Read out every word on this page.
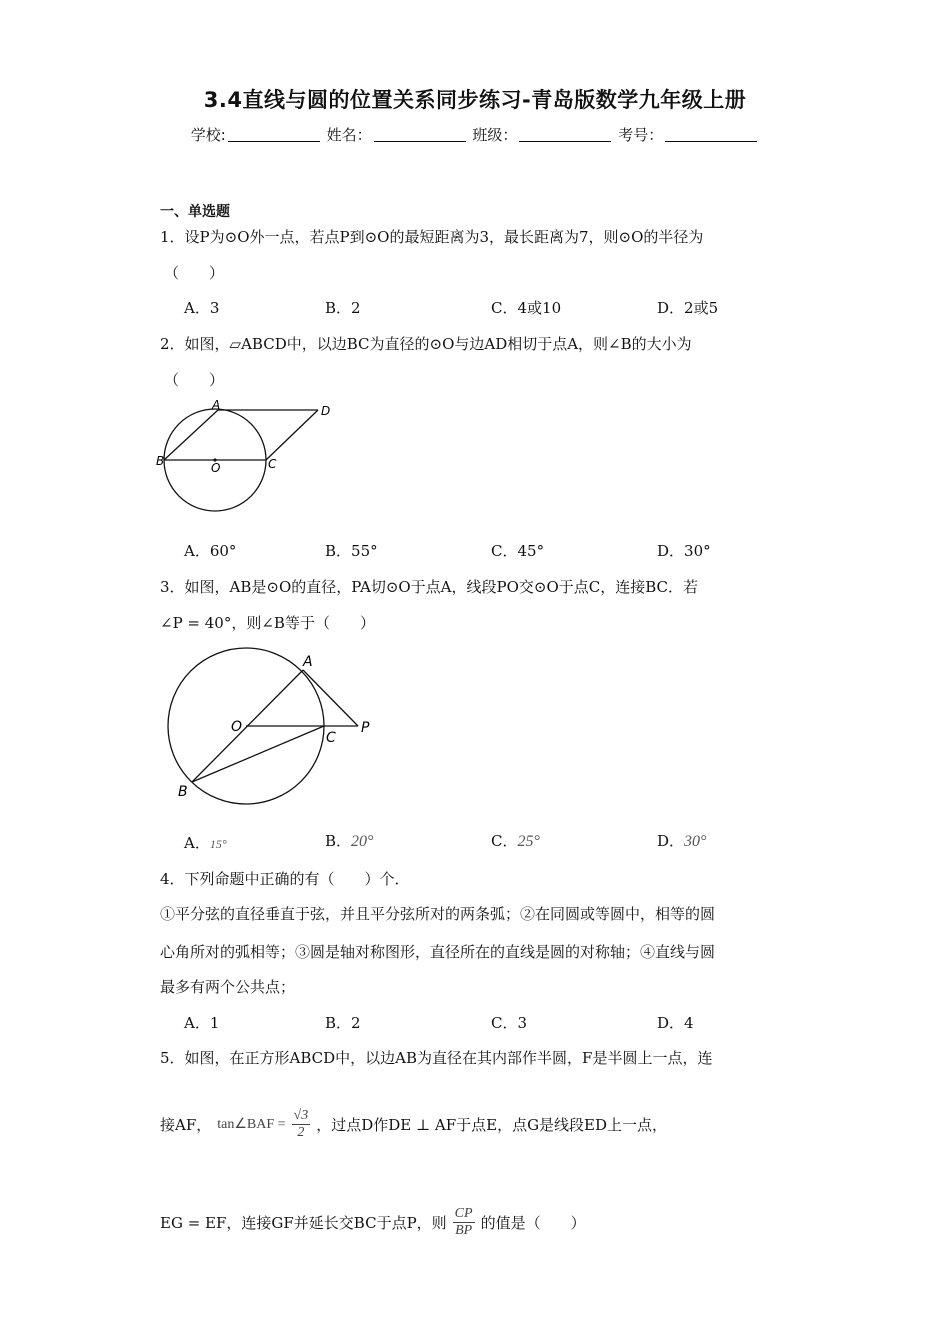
3.4直线与圆的位置关系同步练习-青岛版数学九年级上册
学校:	姓名：	班级：	考号：
一、单选题
1．设P为⊙O外一点，若点P到⊙O的最短距离为3，最长距离为7，则⊙O的半径为
（　　）
A．3	B．2	C．4或10	D．2或5
2．如图，▱ABCD中，以边BC为直径的⊙O与边AD相切于点A，则∠B的大小为
（　　）
A
B	C
D
O
A．60°	B．55°	C．45°	D．30°
3．如图，AB是⊙O的直径，PA切⊙O于点A，线段PO交⊙O于点C，连接BC．若
∠P = 40°，则∠B等于（　　）
A
B
C
O	P
A．15°	B．20°	C．25°	D．30°
4．下列命题中正确的有（　　）个．
①平分弦的直径垂直于弦，并且平分弦所对的两条弧；②在同圆或等圆中，相等的圆
心角所对的弧相等；③圆是轴对称图形，直径所在的直线是圆的对称轴；④直线与圆
最多有两个公共点；
A．1	B．2	C．3	D．4
5．如图，在正方形ABCD中，以边AB为直径在其内部作半圆，F是半圆上一点，连
接AF， tan∠BAF = $\frac{√3}{2}$ ，过点D作DE ⊥ AF于点E，点G是线段ED上一点，
EG = EF，连接GF并延长交BC于点P，则 $\frac{CP}{BP}$ 的值是（　　）
